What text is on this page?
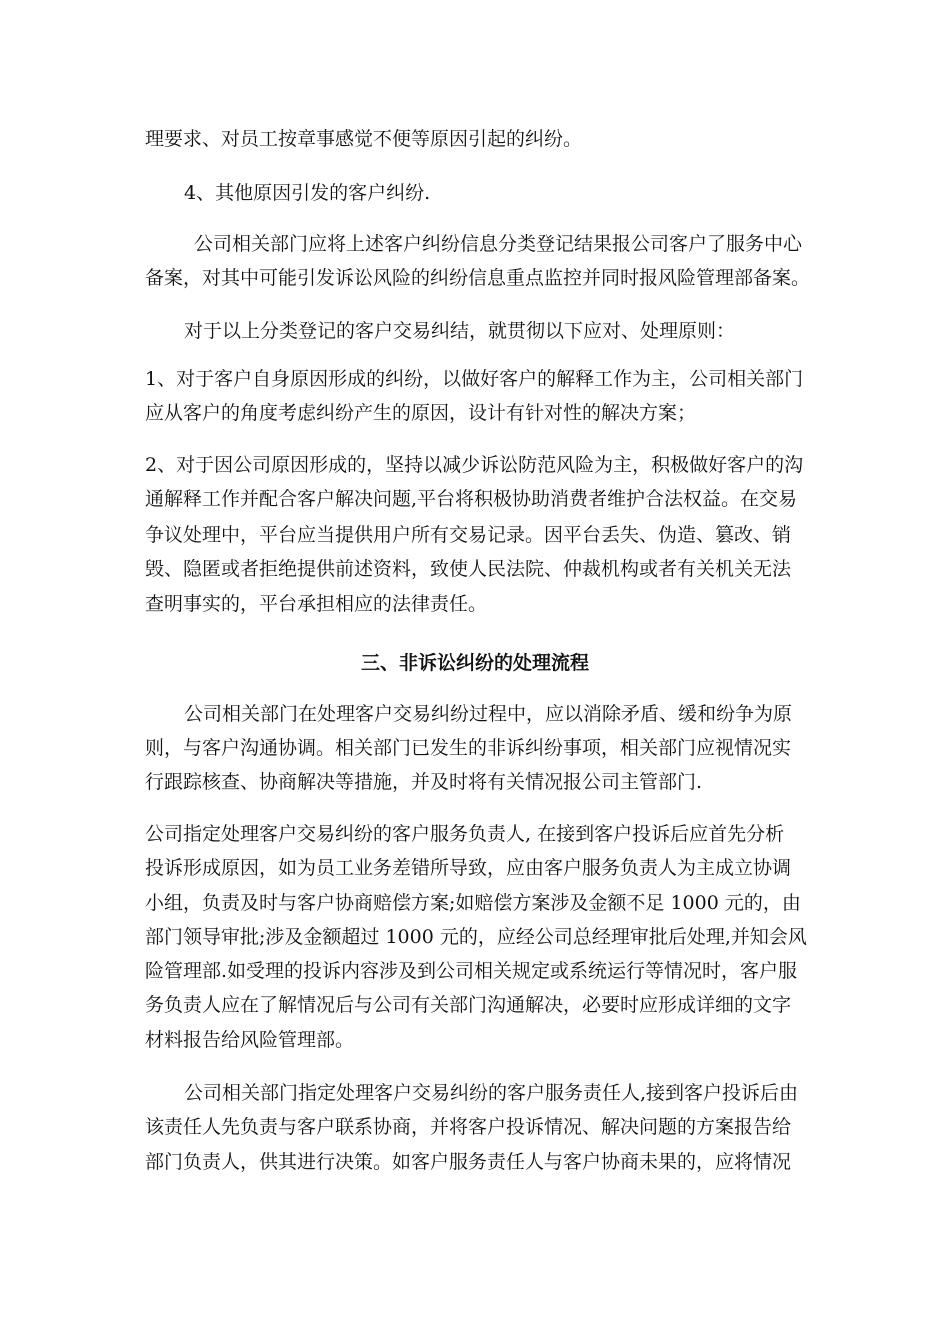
理要求、对员工按章事感觉不便等原因引起的纠纷。
4、其他原因引发的客户纠纷.
公司相关部门应将上述客户纠纷信息分类登记结果报公司客户了服务中心
备案，对其中可能引发诉讼风险的纠纷信息重点监控并同时报风险管理部备案。
对于以上分类登记的客户交易纠结，就贯彻以下应对、处理原则：
1、对于客户自身原因形成的纠纷，以做好客户的解释工作为主，公司相关部门
应从客户的角度考虑纠纷产生的原因，设计有针对性的解决方案；
2、对于因公司原因形成的，坚持以减少诉讼防范风险为主，积极做好客户的沟
通解释工作并配合客户解决问题,平台将积极协助消费者维护合法权益。在交易
争议处理中，平台应当提供用户所有交易记录。因平台丢失、伪造、篡改、销
毁、隐匿或者拒绝提供前述资料，致使人民法院、仲裁机构或者有关机关无法
查明事实的，平台承担相应的法律责任。
三、非诉讼纠纷的处理流程
公司相关部门在处理客户交易纠纷过程中，应以消除矛盾、缓和纷争为原
则，与客户沟通协调。相关部门已发生的非诉纠纷事项，相关部门应视情况实
行跟踪核查、协商解决等措施，并及时将有关情况报公司主管部门.
公司指定处理客户交易纠纷的客户服务负责人, 在接到客户投诉后应首先分析
投诉形成原因，如为员工业务差错所导致，应由客户服务负责人为主成立协调
小组，负责及时与客户协商赔偿方案;如赔偿方案涉及金额不足 1000 元的，由
部门领导审批;涉及金额超过 1000 元的，应经公司总经理审批后处理,并知会风
险管理部.如受理的投诉内容涉及到公司相关规定或系统运行等情况时，客户服
务负责人应在了解情况后与公司有关部门沟通解决，必要时应形成详细的文字
材料报告给风险管理部。
公司相关部门指定处理客户交易纠纷的客户服务责任人,接到客户投诉后由
该责任人先负责与客户联系协商，并将客户投诉情况、解决问题的方案报告给
部门负责人，供其进行决策。如客户服务责任人与客户协商未果的，应将情况
